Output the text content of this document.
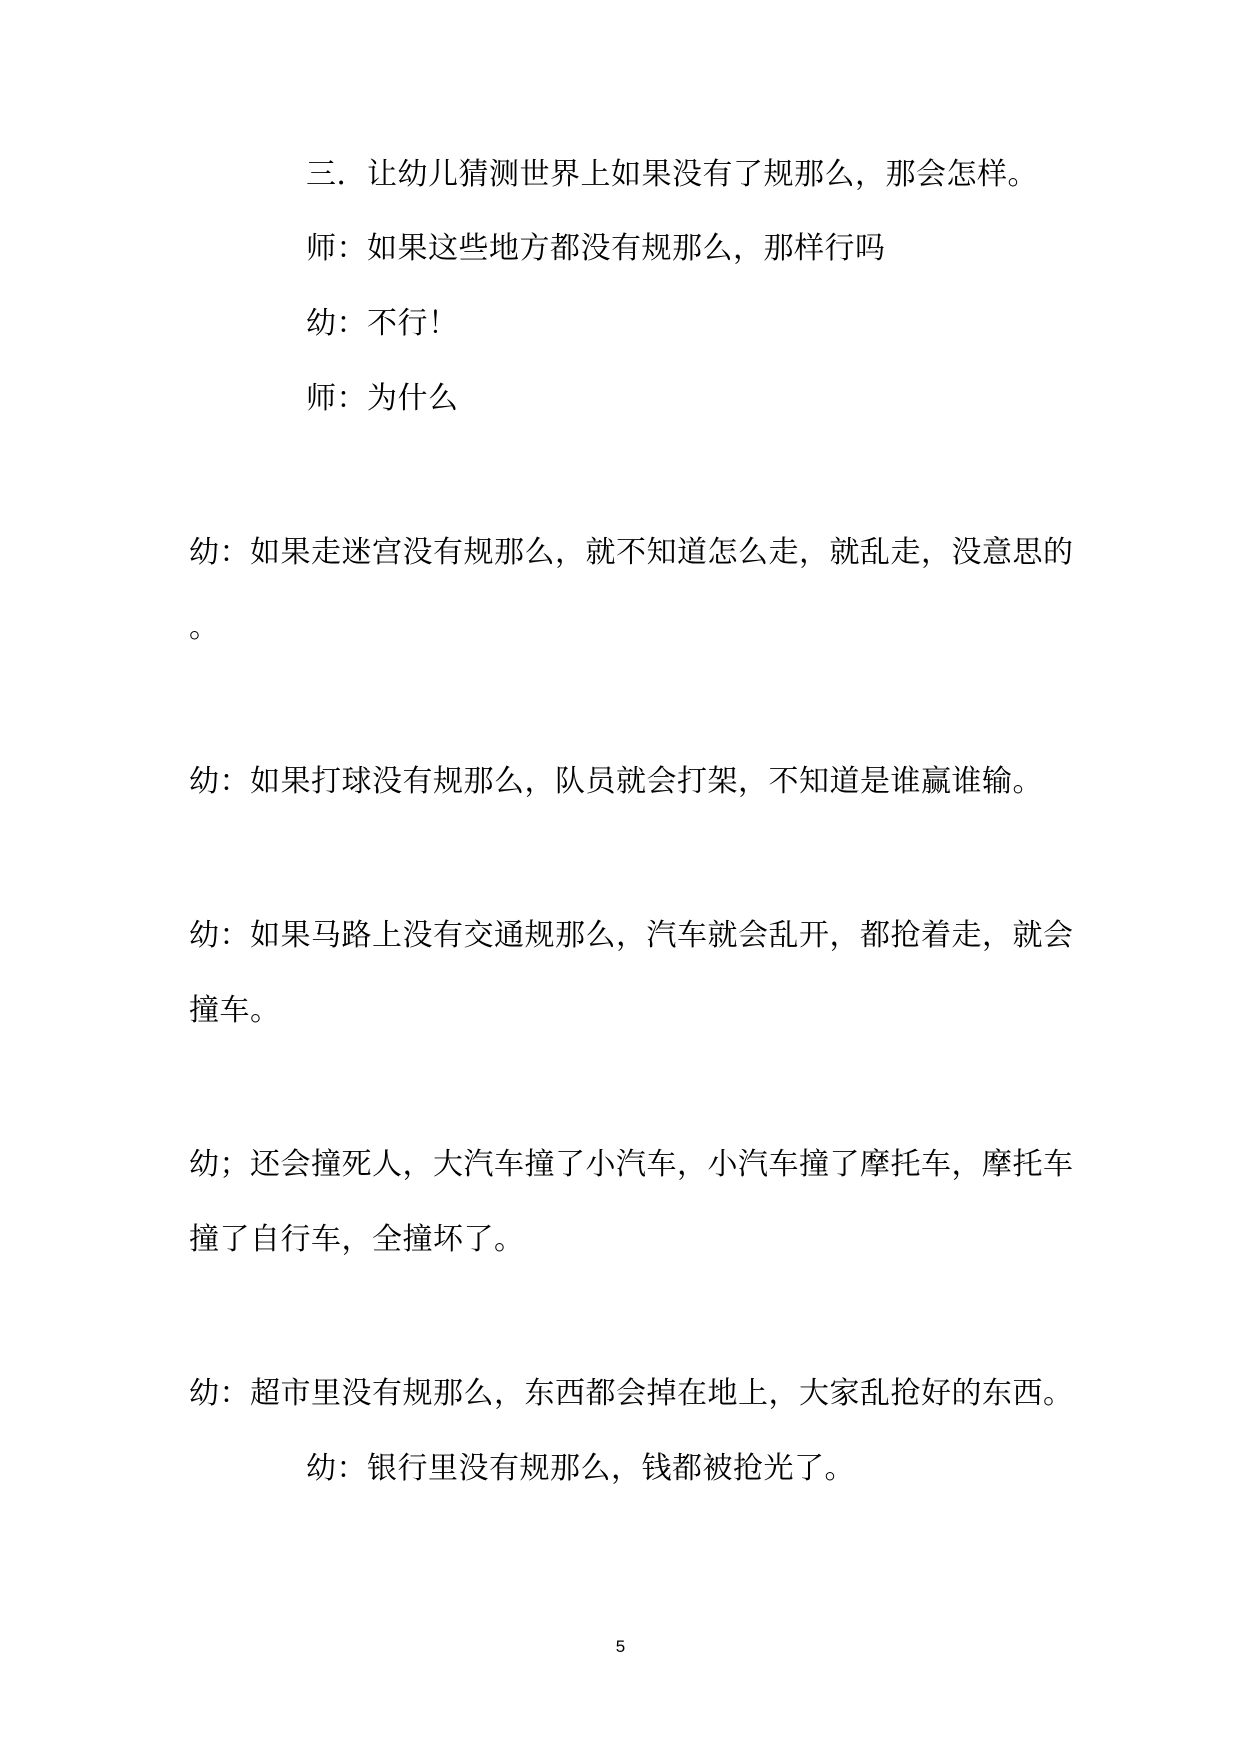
三．让幼儿猜测世界上如果没有了规那么，那会怎样。

师：如果这些地方都没有规那么，那样行吗

幼：不行！

师：为什么

幼：如果走迷宫没有规那么，就不知道怎么走，就乱走，没意思的

。

幼：如果打球没有规那么，队员就会打架，不知道是谁赢谁输。

幼：如果马路上没有交通规那么，汽车就会乱开，都抢着走，就会

撞车。

幼；还会撞死人，大汽车撞了小汽车，小汽车撞了摩托车，摩托车

撞了自行车，全撞坏了。

幼：超市里没有规那么，东西都会掉在地上，大家乱抢好的东西。

幼：银行里没有规那么，钱都被抢光了。

5
